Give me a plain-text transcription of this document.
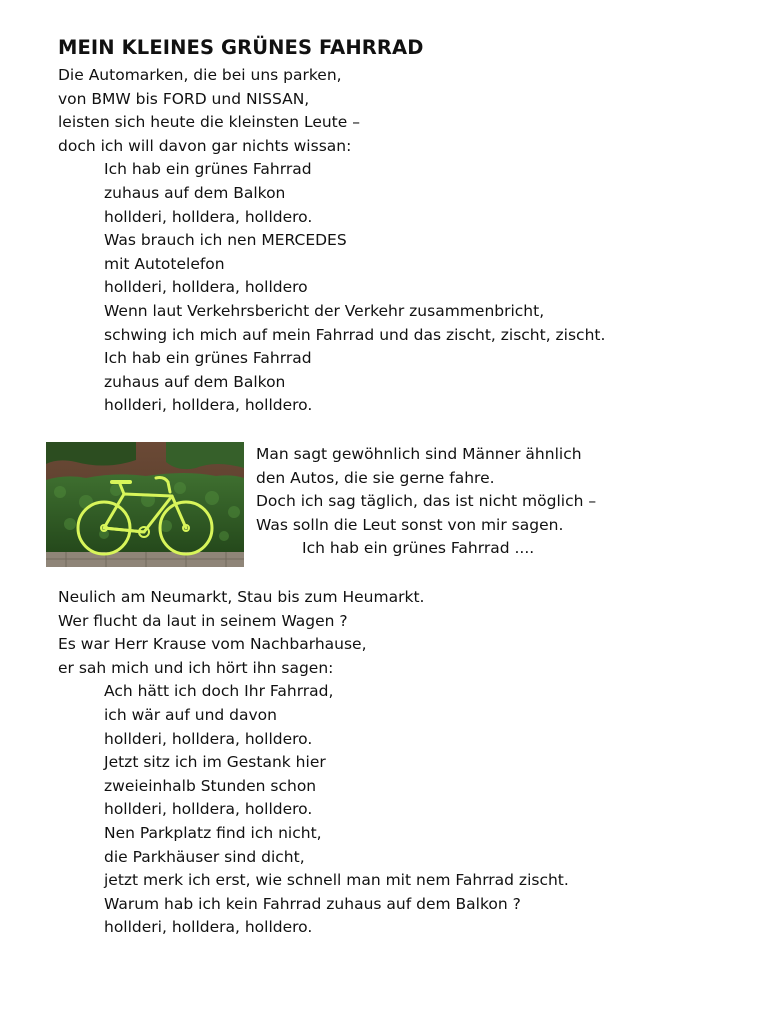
MEIN KLEINES GRÜNES FAHRRAD
Die Automarken, die bei uns parken,
von BMW bis FORD und NISSAN,
leisten sich heute die kleinsten Leute –
doch ich will davon gar nichts wissan:
Ich hab ein grünes Fahrrad
zuhaus auf dem Balkon
hollderi, holldera, holldero.
Was brauch ich nen MERCEDES
mit Autotelefon
hollderi, holldera, holldero
Wenn laut Verkehrsbericht der Verkehr zusammenbricht,
schwing ich mich auf mein Fahrrad und das zischt, zischt, zischt.
Ich hab ein grünes Fahrrad
zuhaus auf dem Balkon
hollderi, holldera, holldero.
Man sagt gewöhnlich sind Männer ähnlich
den Autos, die sie gerne fahre.
Doch ich sag täglich, das ist nicht möglich –
Was solln die Leut sonst von mir sagen.
Ich hab ein grünes Fahrrad ....
Neulich am Neumarkt, Stau bis zum Heumarkt.
Wer flucht da laut in seinem Wagen ?
Es war Herr Krause vom Nachbarhause,
er sah mich und ich hört ihn sagen:
Ach hätt ich doch Ihr Fahrrad,
ich wär auf und davon
hollderi, holldera, holldero.
Jetzt sitz ich im Gestank hier
zweieinhalb Stunden schon
hollderi, holldera, holldero.
Nen Parkplatz find ich nicht,
die Parkhäuser sind dicht,
jetzt merk ich erst, wie schnell man mit nem Fahrrad zischt.
Warum hab ich kein Fahrrad zuhaus auf dem Balkon ?
hollderi, holldera, holldero.
